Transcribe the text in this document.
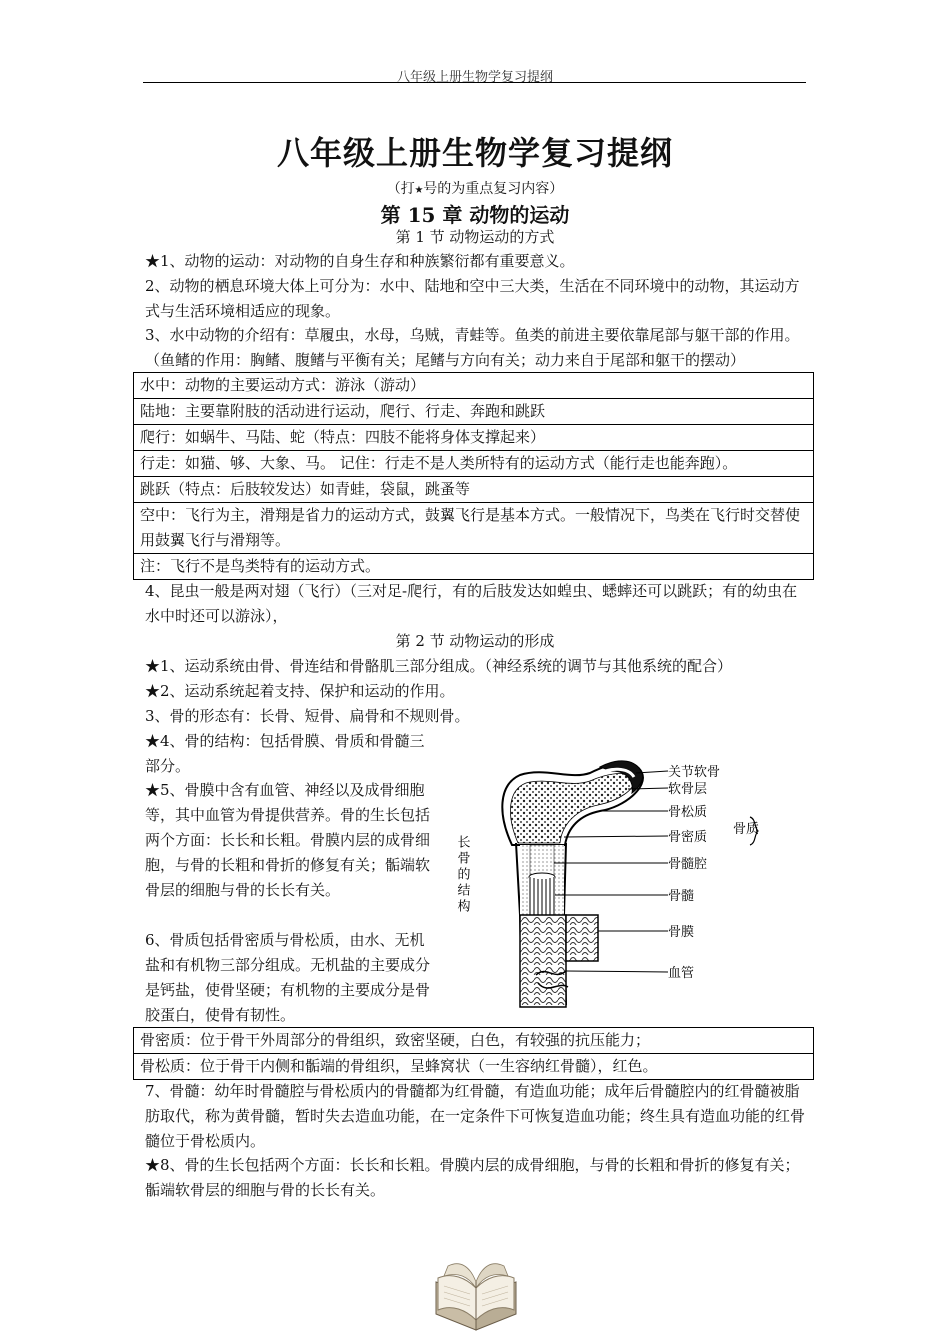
八年级上册生物学复习提纲
八年级上册生物学复习提纲
（打★号的为重点复习内容）
第 15 章 动物的运动
第 1 节 动物运动的方式
★1、动物的运动：对动物的自身生存和种族繁衍都有重要意义。
2、动物的栖息环境大体上可分为：水中、陆地和空中三大类，生活在不同环境中的动物，其运动方式与生活环境相适应的现象。
3、水中动物的介绍有：草履虫，水母，乌贼，青蛙等。鱼类的前进主要依靠尾部与躯干部的作用。（鱼鳍的作用：胸鳍、腹鳍与平衡有关；尾鳍与方向有关；动力来自于尾部和躯干的摆动）
水中：动物的主要运动方式：游泳（游动）
陆地：主要靠附肢的活动进行运动，爬行、行走、奔跑和跳跃
爬行：如蜗牛、马陆、蛇（特点：四肢不能将身体支撑起来）
行走：如猫、够、大象、马。 记住：行走不是人类所特有的运动方式（能行走也能奔跑）。
跳跃（特点：后肢较发达）如青蛙，袋鼠，跳蚤等
空中：飞行为主，滑翔是省力的运动方式，鼓翼飞行是基本方式。一般情况下，鸟类在飞行时交替使用鼓翼飞行与滑翔等。
注：飞行不是鸟类特有的运动方式。
4、昆虫一般是两对翅（飞行）（三对足-爬行，有的后肢发达如蝗虫、蟋蟀还可以跳跃；有的幼虫在水中时还可以游泳），
第 2 节 动物运动的形成
★1、运动系统由骨、骨连结和骨骼肌三部分组成。（神经系统的调节与其他系统的配合）
★2、运动系统起着支持、保护和运动的作用。
3、骨的形态有：长骨、短骨、扁骨和不规则骨。
★4、骨的结构：包括骨膜、骨质和骨髓三部分。
★5、骨膜中含有血管、神经以及成骨细胞等，其中血管为骨提供营养。骨的生长包括两个方面：长长和长粗。骨膜内层的成骨细胞，与骨的长粗和骨折的修复有关；骺端软骨层的细胞与骨的长长有关。
6、骨质包括骨密质与骨松质，由水、无机盐和有机物三部分组成。无机盐的主要成分是钙盐，使骨坚硬；有机物的主要成分是骨胶蛋白，使骨有韧性。
关节软骨
软骨层
骨松质
骨密质
骨髓腔
骨髓
骨膜
血管
骨质
长骨的结构
骨密质：位于骨干外周部分的骨组织，致密坚硬，白色，有较强的抗压能力；
骨松质：位于骨干内侧和骺端的骨组织，呈蜂窝状（一生容纳红骨髓），红色。
7、骨髓：幼年时骨髓腔与骨松质内的骨髓都为红骨髓，有造血功能；成年后骨髓腔内的红骨髓被脂肪取代，称为黄骨髓，暂时失去造血功能，在一定条件下可恢复造血功能；终生具有造血功能的红骨髓位于骨松质内。
★8、骨的生长包括两个方面：长长和长粗。骨膜内层的成骨细胞，与骨的长粗和骨折的修复有关；骺端软骨层的细胞与骨的长长有关。
